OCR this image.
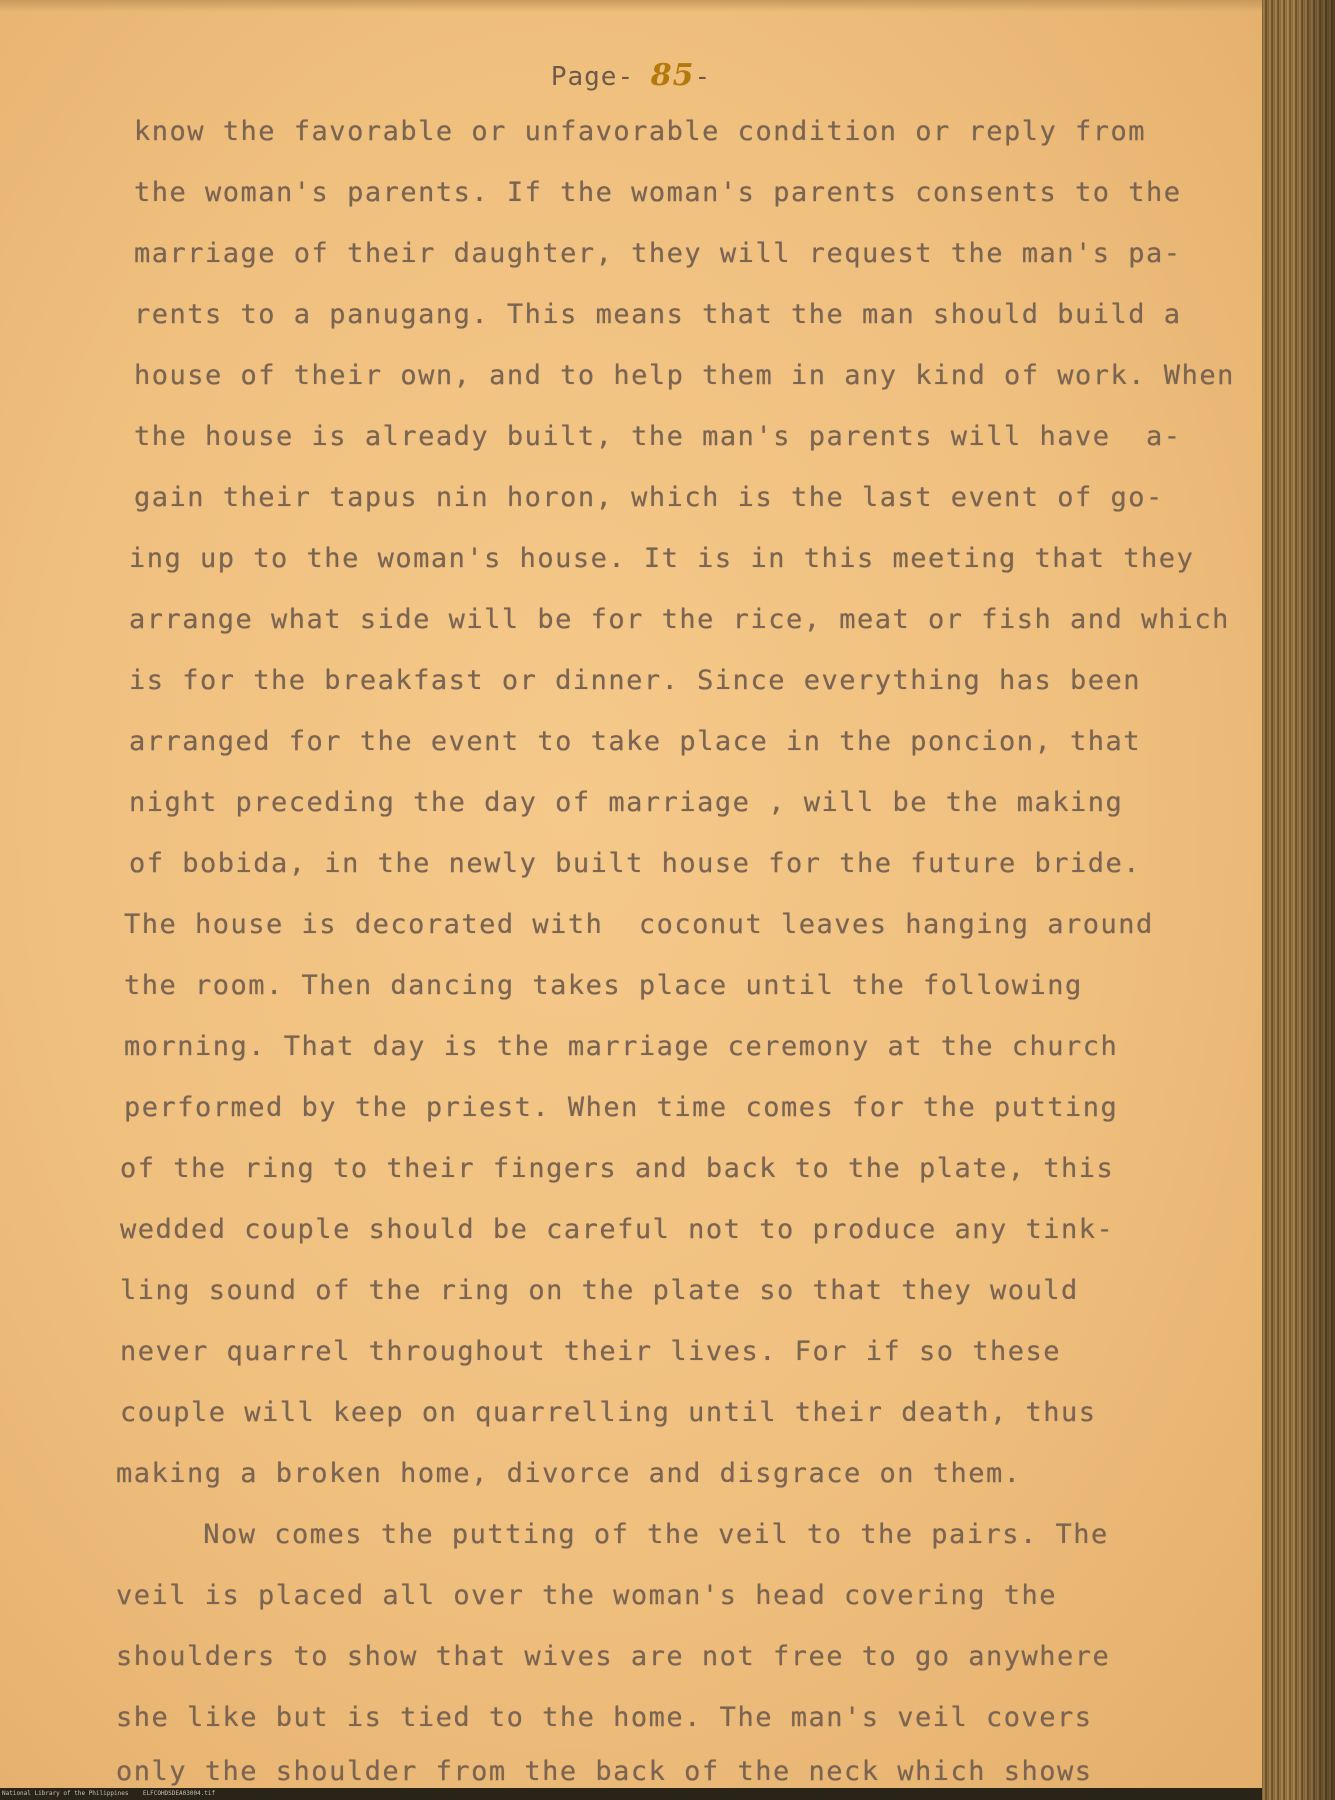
Page- 85-
know the favorable or unfavorable condition or reply from
the woman's parents. If the woman's parents consents to the
marriage of their daughter, they will request the man's pa-
rents to a panugang. This means that the man should build a
house of their own, and to help them in any kind of work. When
the house is already built, the man's parents will have  a-
gain their tapus nin horon, which is the last event of go-
ing up to the woman's house. It is in this meeting that they
arrange what side will be for the rice, meat or fish and which
is for the breakfast or dinner. Since everything has been
arranged for the event to take place in the poncion, that
night preceding the day of marriage , will be the making
of bobida, in the newly built house for the future bride.
The house is decorated with  coconut leaves hanging around
the room. Then dancing takes place until the following
morning. That day is the marriage ceremony at the church
performed by the priest. When time comes for the putting
of the ring to their fingers and back to the plate, this
wedded couple should be careful not to produce any tink-
ling sound of the ring on the plate so that they would
never quarrel throughout their lives. For if so these
couple will keep on quarrelling until their death, thus
making a broken home, divorce and disgrace on them.
Now comes the putting of the veil to the pairs. The
veil is placed all over the woman's head covering the
shoulders to show that wives are not free to go anywhere
she like but is tied to the home. The man's veil covers
only the shoulder from the back of the neck which shows
National Library of the Philippines    ELFCOHDSDEA03004.tif
